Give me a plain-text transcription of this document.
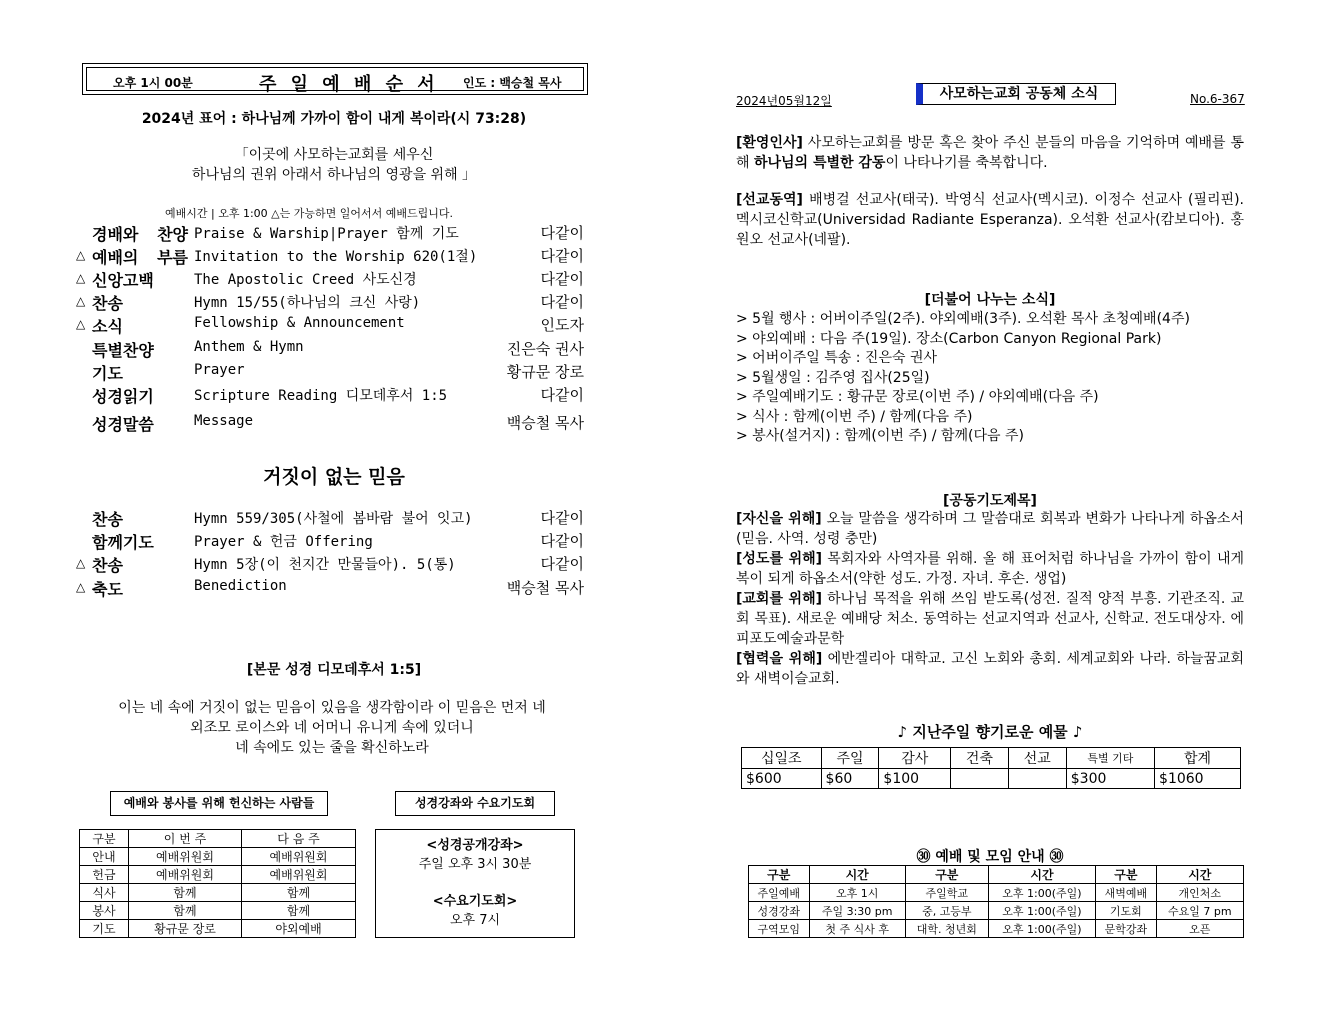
오후 1시 00분	주 일 예 배 순 서 인도 : 백승철 목사
2024년 표어 : 하나님께 가까이 함이 내게 복이라(시 73:28)
「이곳에 사모하는교회를 세우신
하나님의 권위 아래서 하나님의 영광을 위해 」
예배시간 | 오후 1:00 △는 가능하면 일어서서 예배드립니다.
경배와 찬양 Praise & Warship|Prayer 함께 기도	다같이
△ 예배의 부름 Invitation to the Worship 620(1절)	다같이
△ 신앙고백	The Apostolic Creed 사도신경	다같이
△ 찬송	Hymn 15/55(하나님의 크신 사랑)	다같이
△ 소식	Fellowship & Announcement	인도자
특별찬양	Anthem & Hymn	진은숙 권사
기도	Prayer	황규문 장로
성경읽기	Scripture Reading 디모데후서 1:5	다같이
성경말씀	Message	백승철 목사
거짓이 없는 믿음
찬송	Hymn 559/305(사철에 봄바람 불어 잇고)	다같이
함께기도	Prayer & 헌금 Offering	다같이
△ 찬송	Hymn 5장(이 천지간 만물들아). 5(통)	다같이
△ 축도	Benediction	백승철 목사
[본문 성경 디모데후서 1:5]
이는 네 속에 거짓이 없는 믿음이 있음을 생각함이라 이 믿음은 먼저 네
외조모 로이스와 네 어머니 유니게 속에 있더니
네 속에도 있는 줄을 확신하노라
예배와 봉사를 위해 헌신하는 사람들	성경강좌와 수요기도회
구분	이 번 주	다 음 주
안내	예배위원회	예배위원회
헌금	예배위원회	예배위원회
식사	함께	함께
봉사	함께	함께
기도	황규문 장로	야외예배
<성경공개강좌>
주일 오후 3시 30분
<수요기도회>
오후 7시
2024년05월12일	사모하는교회 공동체 소식	No.6-367
[환영인사] 사모하는교회를 방문 혹은 찾아 주신 분들의 마음을 기억하며 예배를 통해 하나님의 특별한 감동이 나타나기를 축복합니다.
[선교동역] 배병걸 선교사(태국). 박영식 선교사(멕시코). 이정수 선교사 (필리핀). 멕시코신학교(Universidad Radiante Esperanza). 오석환 선교사(캄보디아). 홍원오 선교사(네팔).
[더불어 나누는 소식]
> 5월 행사 : 어버이주일(2주). 야외예배(3주). 오석환 목사 초청예배(4주)
> 야외예배 : 다음 주(19일). 장소(Carbon Canyon Regional Park)
> 어버이주일 특송 : 진은숙 권사
> 5월생일 : 김주영 집사(25일)
> 주일예배기도 : 황규문 장로(이번 주) / 야외예배(다음 주)
> 식사 : 함께(이번 주) / 함께(다음 주)
> 봉사(설거지) : 함께(이번 주) / 함께(다음 주)
[공동기도제목]
[자신을 위해] 오늘 말씀을 생각하며 그 말씀대로 회복과 변화가 나타나게 하옵소서(믿음. 사역. 성령 충만)
[성도를 위해] 목회자와 사역자를 위해. 올 해 표어처럼 하나님을 가까이 함이 내게 복이 되게 하옵소서(약한 성도. 가정. 자녀. 후손. 생업)
[교회를 위해] 하나님 목적을 위해 쓰임 받도록(성전. 질적 양적 부흥. 기관조직. 교회 목표). 새로운 예배당 처소. 동역하는 선교지역과 선교사, 신학교. 전도대상자. 에피포도예술과문학
[협력을 위해] 에반겔리아 대학교. 고신 노회와 총회. 세계교회와 나라. 하늘꿈교회와 새벽이슬교회.
♪ 지난주일 향기로운 예물 ♪
십일조	주일	감사	건축	선교	특별 기타	합계
$600	$60	$100			$300	$1060
㉚ 예배 및 모임 안내 ㉚
구분	시간	구분	시간	구분	시간
주일예배	오후 1시	주일학교	오후 1:00(주일)	새벽예배	개인처소
성경강좌	주일 3:30 pm	중, 고등부	오후 1:00(주일)	기도회	수요일 7 pm
구역모임	첫 주 식사 후	대학. 청년회	오후 1:00(주일)	문학강좌	오픈
